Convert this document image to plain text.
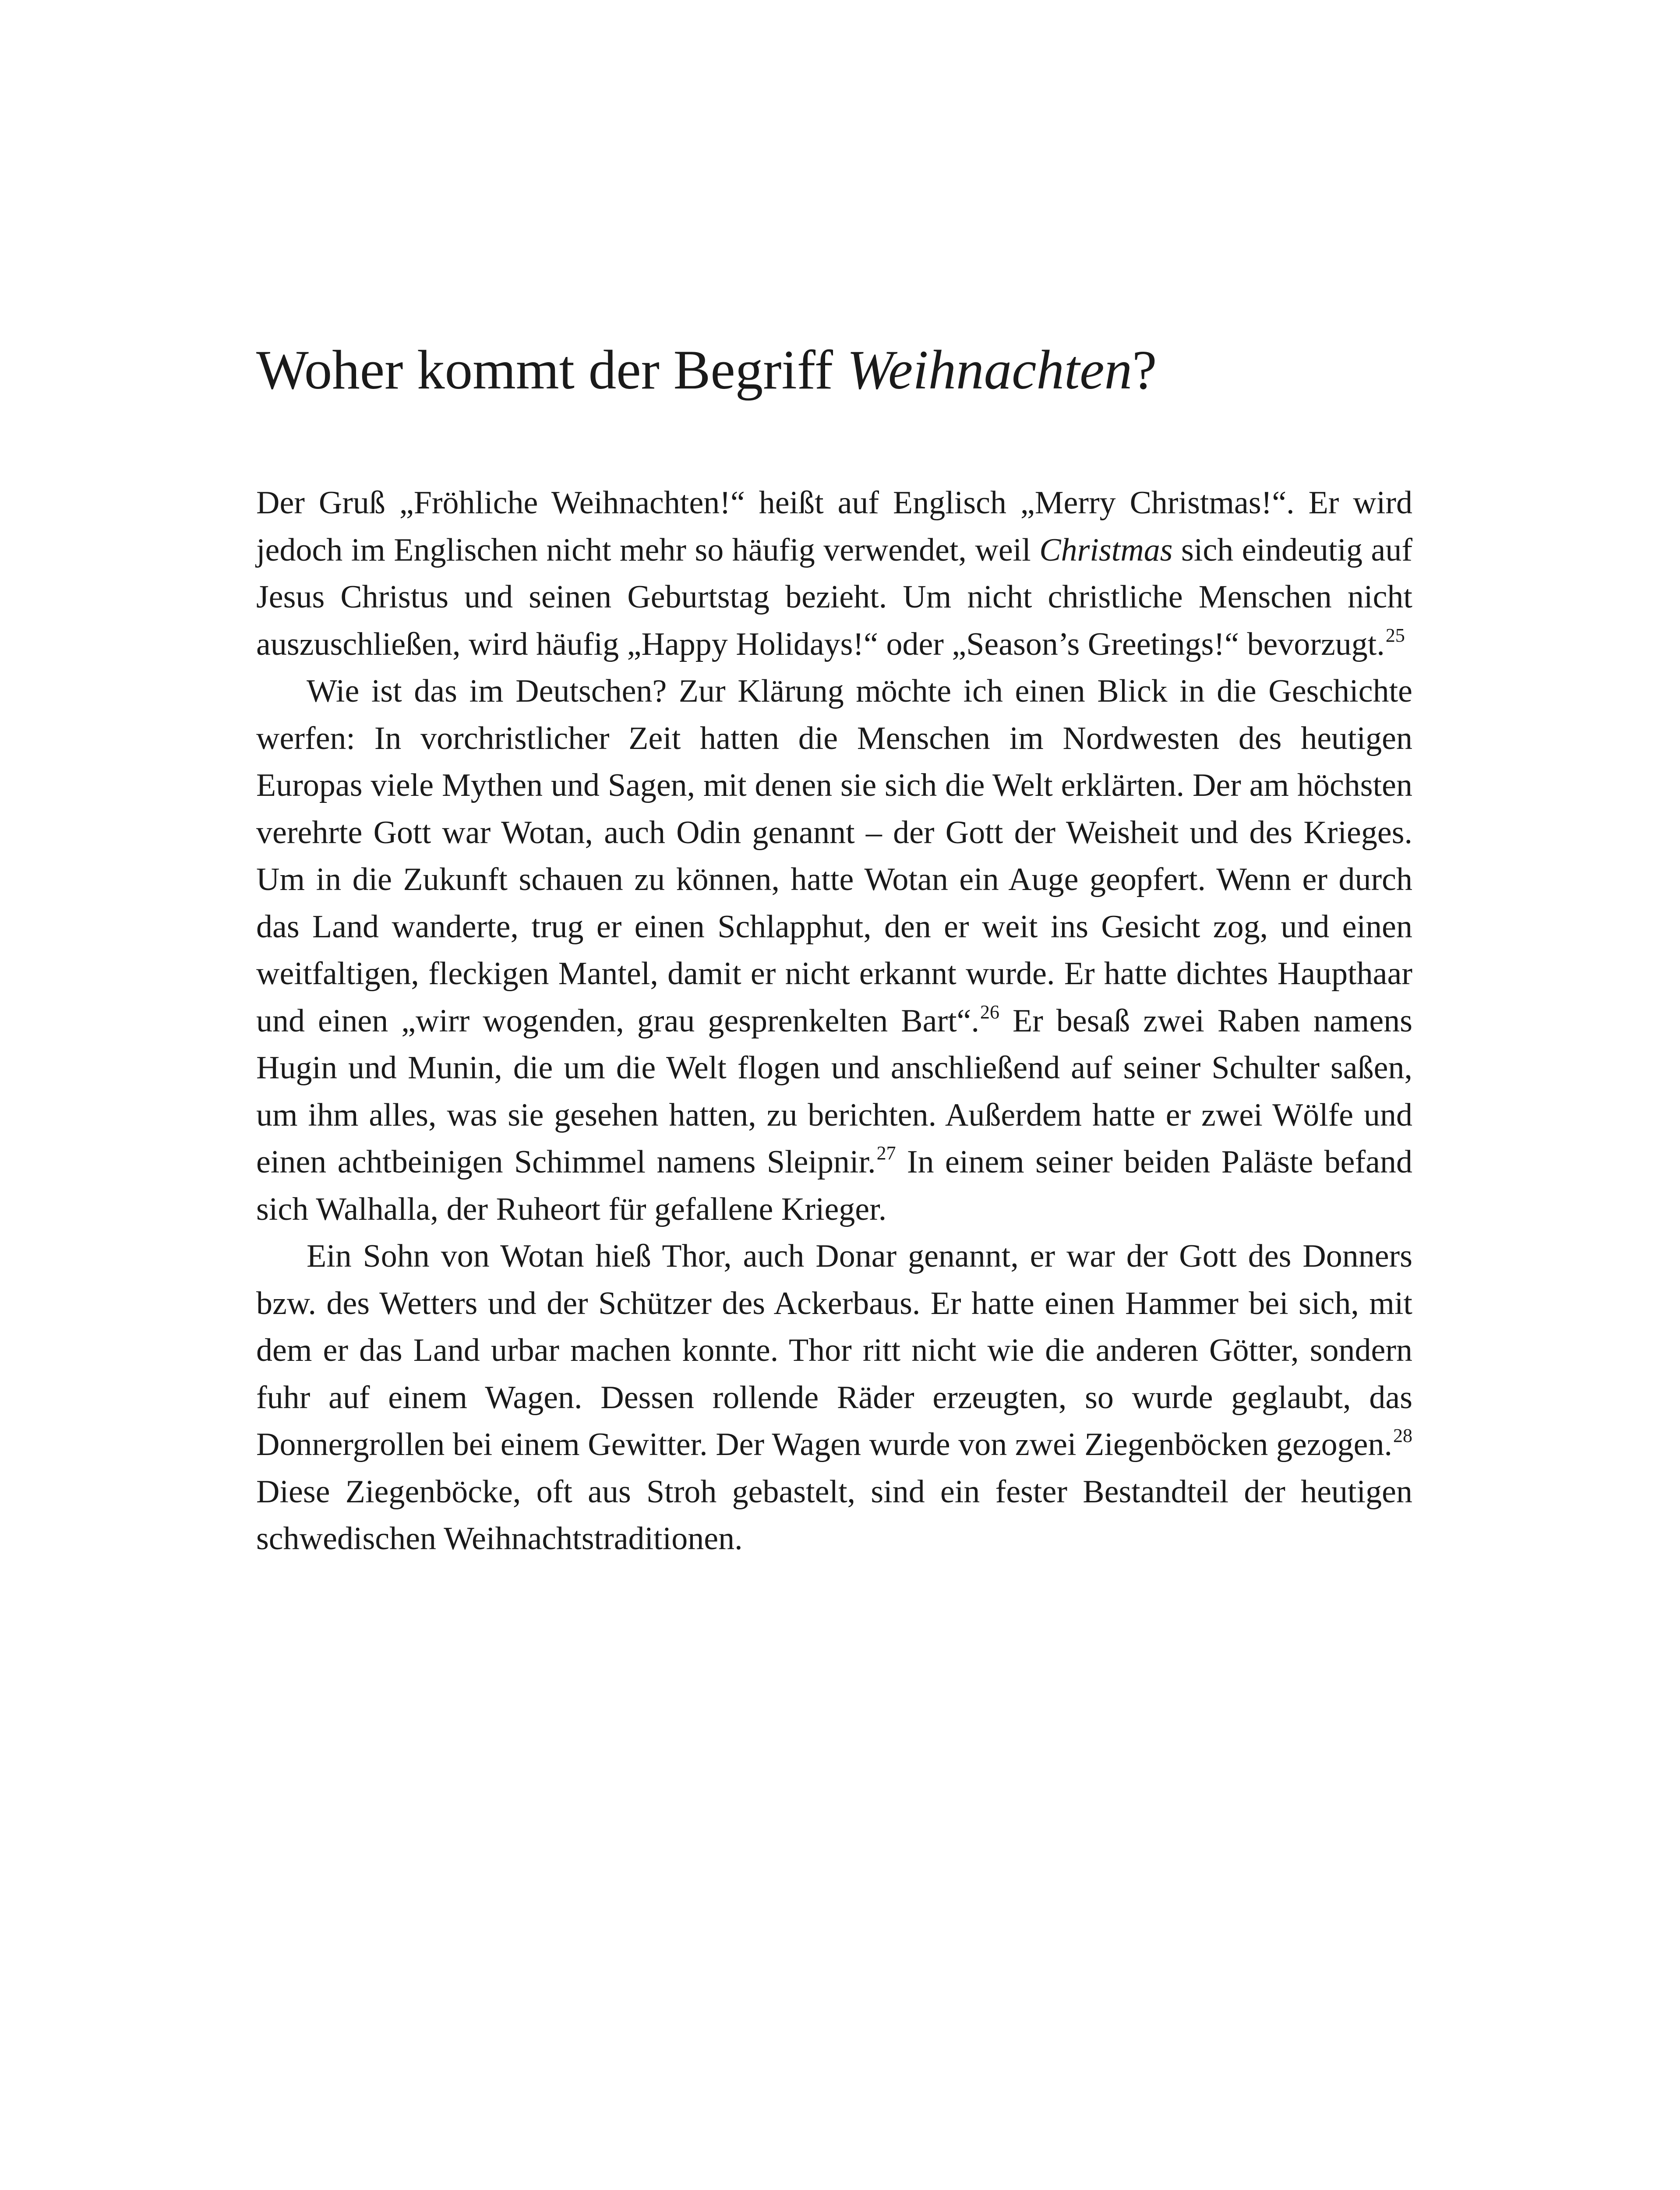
Woher kommt der Begriff Weihnachten?

Der Gruß „Fröhliche Weihnachten!“ heißt auf Englisch „Merry Christmas!“. Er wird jedoch im Englischen nicht mehr so häufig verwendet, weil Christmas sich eindeutig auf Jesus Christus und seinen Geburtstag bezieht. Um nicht christliche Menschen nicht auszuschließen, wird häufig „Happy Holidays!“ oder „Season’s Greetings!“ bevorzugt.$^{25}$

Wie ist das im Deutschen? Zur Klärung möchte ich einen Blick in die Geschichte werfen: In vorchristlicher Zeit hatten die Menschen im Nordwesten des heutigen Europas viele Mythen und Sagen, mit denen sie sich die Welt erklärten. Der am höchsten verehrte Gott war Wotan, auch Odin genannt – der Gott der Weisheit und des Krieges. Um in die Zukunft schauen zu können, hatte Wotan ein Auge geopfert. Wenn er durch das Land wanderte, trug er einen Schlapphut, den er weit ins Gesicht zog, und einen weitfaltigen, fleckigen Mantel, damit er nicht erkannt wurde. Er hatte dichtes Haupthaar und einen „wirr wogenden, grau gesprenkelten Bart“.$^{26}$ Er besaß zwei Raben namens Hugin und Munin, die um die Welt flogen und anschließend auf seiner Schulter saßen, um ihm alles, was sie gesehen hatten, zu berichten. Außerdem hatte er zwei Wölfe und einen achtbeinigen Schimmel namens Sleipnir.$^{27}$ In einem seiner beiden Paläste befand sich Walhalla, der Ruheort für gefallene Krieger.

Ein Sohn von Wotan hieß Thor, auch Donar genannt, er war der Gott des Donners bzw. des Wetters und der Schützer des Ackerbaus. Er hatte einen Hammer bei sich, mit dem er das Land urbar machen konnte. Thor ritt nicht wie die anderen Götter, sondern fuhr auf einem Wagen. Dessen rollende Räder erzeugten, so wurde geglaubt, das Donnergrollen bei einem Gewitter. Der Wagen wurde von zwei Ziegenböcken gezogen.$^{28}$ Diese Ziegenböcke, oft aus Stroh gebastelt, sind ein fester Bestandteil der heutigen schwedischen Weihnachtstraditionen.
